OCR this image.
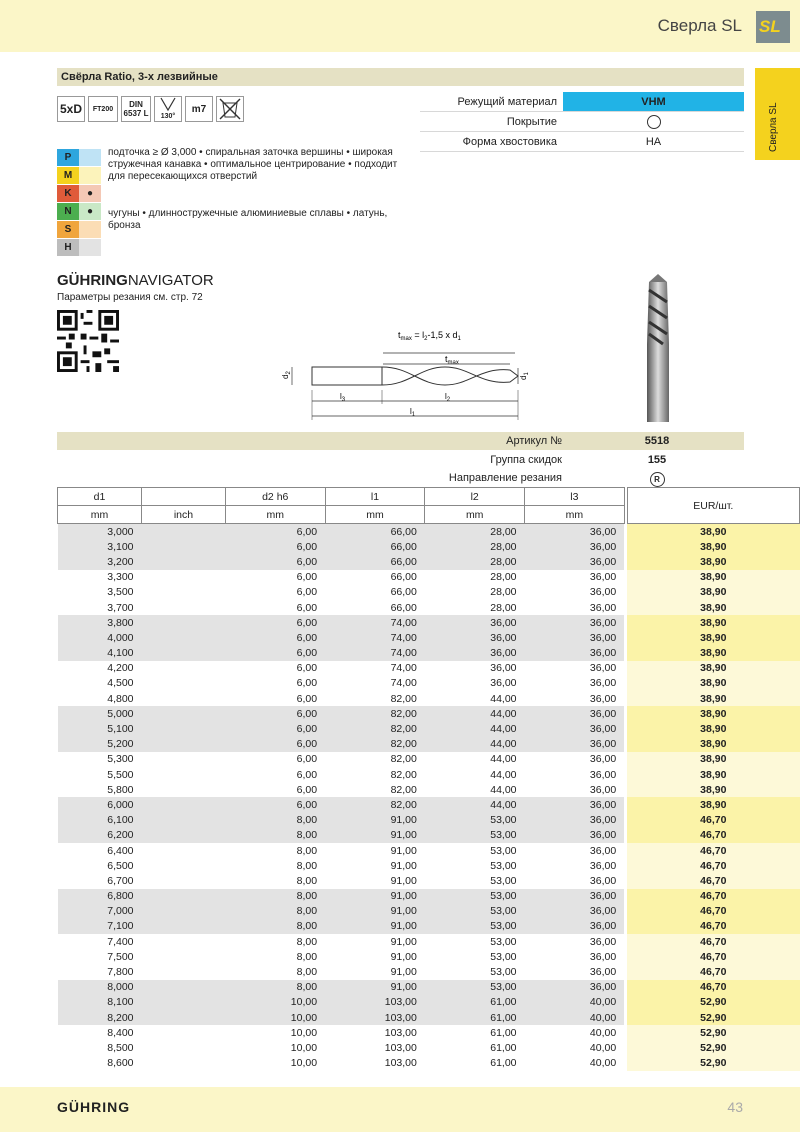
Сверла SL SL
Сверла SL
Свёрла Ratio, 3-х лезвийные
5xD	FT200	DIN
6537 L 130°
m7
Режущий материал	VHM
Покрытие
Форма хвостовика	HA
P
M
K	●
N	●
S
H
подточка ≥ Ø 3,000 • спиральная заточка вершины • широкая стружечная канавка • оптимальное центрирование • подходит для пересекающихся отверстий
чугуны • длинностружечные алюминиевые сплавы • латунь, бронза
GÜHRINGNAVIGATOR
Параметры резания см. стр. 72
$t_{max} = l_2-1,5$ x $d_1$
$t_{max}$
$d_2$
$d_1$
$l_3$	$l_2$
$l_1$
Артикул №	5518
Группа скидок	155
Направление резания	R
d1		d2 h6	l1	l2	l3		EUR/шт.
mm	inch	mm	mm	mm	mm		
3,000		6,00	66,00	28,00	36,00		38,90
3,100		6,00	66,00	28,00	36,00		38,90
3,200		6,00	66,00	28,00	36,00		38,90
3,300		6,00	66,00	28,00	36,00		38,90
3,500		6,00	66,00	28,00	36,00		38,90
3,700		6,00	66,00	28,00	36,00		38,90
3,800		6,00	74,00	36,00	36,00		38,90
4,000		6,00	74,00	36,00	36,00		38,90
4,100		6,00	74,00	36,00	36,00		38,90
4,200		6,00	74,00	36,00	36,00		38,90
4,500		6,00	74,00	36,00	36,00		38,90
4,800		6,00	82,00	44,00	36,00		38,90
5,000		6,00	82,00	44,00	36,00		38,90
5,100		6,00	82,00	44,00	36,00		38,90
5,200		6,00	82,00	44,00	36,00		38,90
5,300		6,00	82,00	44,00	36,00		38,90
5,500		6,00	82,00	44,00	36,00		38,90
5,800		6,00	82,00	44,00	36,00		38,90
6,000		6,00	82,00	44,00	36,00		38,90
6,100		8,00	91,00	53,00	36,00		46,70
6,200		8,00	91,00	53,00	36,00		46,70
6,400		8,00	91,00	53,00	36,00		46,70
6,500		8,00	91,00	53,00	36,00		46,70
6,700		8,00	91,00	53,00	36,00		46,70
6,800		8,00	91,00	53,00	36,00		46,70
7,000		8,00	91,00	53,00	36,00		46,70
7,100		8,00	91,00	53,00	36,00		46,70
7,400		8,00	91,00	53,00	36,00		46,70
7,500		8,00	91,00	53,00	36,00		46,70
7,800		8,00	91,00	53,00	36,00		46,70
8,000		8,00	91,00	53,00	36,00		46,70
8,100		10,00	103,00	61,00	40,00		52,90
8,200		10,00	103,00	61,00	40,00		52,90
8,400		10,00	103,00	61,00	40,00		52,90
8,500		10,00	103,00	61,00	40,00		52,90
8,600		10,00	103,00	61,00	40,00		52,90
GÜHRING	43
